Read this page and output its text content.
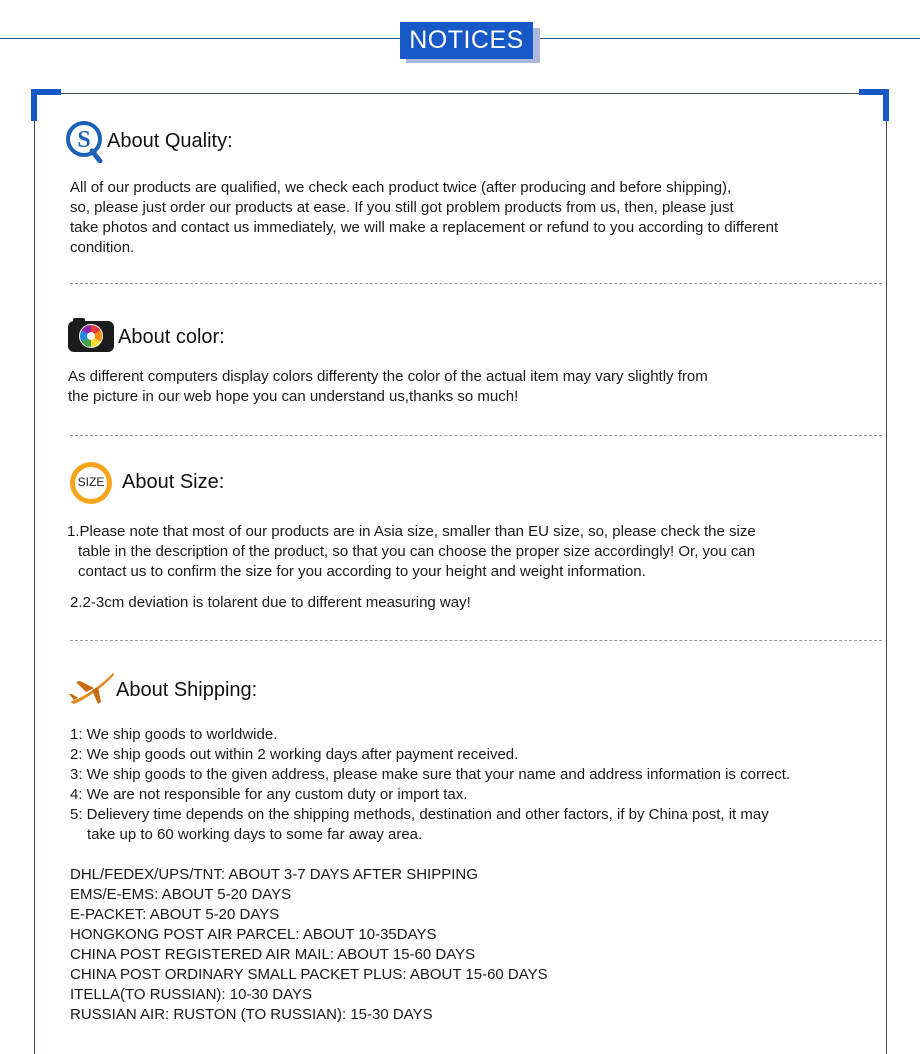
NOTICES
S About Quality:
All of our products are qualified, we check each product twice (after producing and before shipping),
so, please just order our products at ease. If you still got problem products from us, then, please just
take photos and contact us immediately, we will make a replacement or refund to you according to different
condition.
About color:
As different computers display colors differenty the color of the actual item may vary slightly from
the picture in our web hope you can understand us,thanks so much!
SIZE About Size:
1.Please note that most of our products are in Asia size, smaller than EU size, so, please check the size
table in the description of the product, so that you can choose the proper size accordingly! Or, you can
contact us to confirm the size for you according to your height and weight information.
2.2-3cm deviation is tolarent due to different measuring way!
About Shipping:
1: We ship goods to worldwide.
2: We ship goods out within 2 working days after payment received.
3: We ship goods to the given address, please make sure that your name and address information is correct.
4: We are not responsible for any custom duty or import tax.
5: Delievery time depends on the shipping methods, destination and other factors, if by China post, it may
take up to 60 working days to some far away area.
DHL/FEDEX/UPS/TNT: ABOUT 3-7 DAYS AFTER SHIPPING
EMS/E-EMS: ABOUT 5-20 DAYS
E-PACKET: ABOUT 5-20 DAYS
HONGKONG POST AIR PARCEL: ABOUT 10-35DAYS
CHINA POST REGISTERED AIR MAIL: ABOUT 15-60 DAYS
CHINA POST ORDINARY SMALL PACKET PLUS: ABOUT 15-60 DAYS
ITELLA(TO RUSSIAN): 10-30 DAYS
RUSSIAN AIR: RUSTON (TO RUSSIAN): 15-30 DAYS
